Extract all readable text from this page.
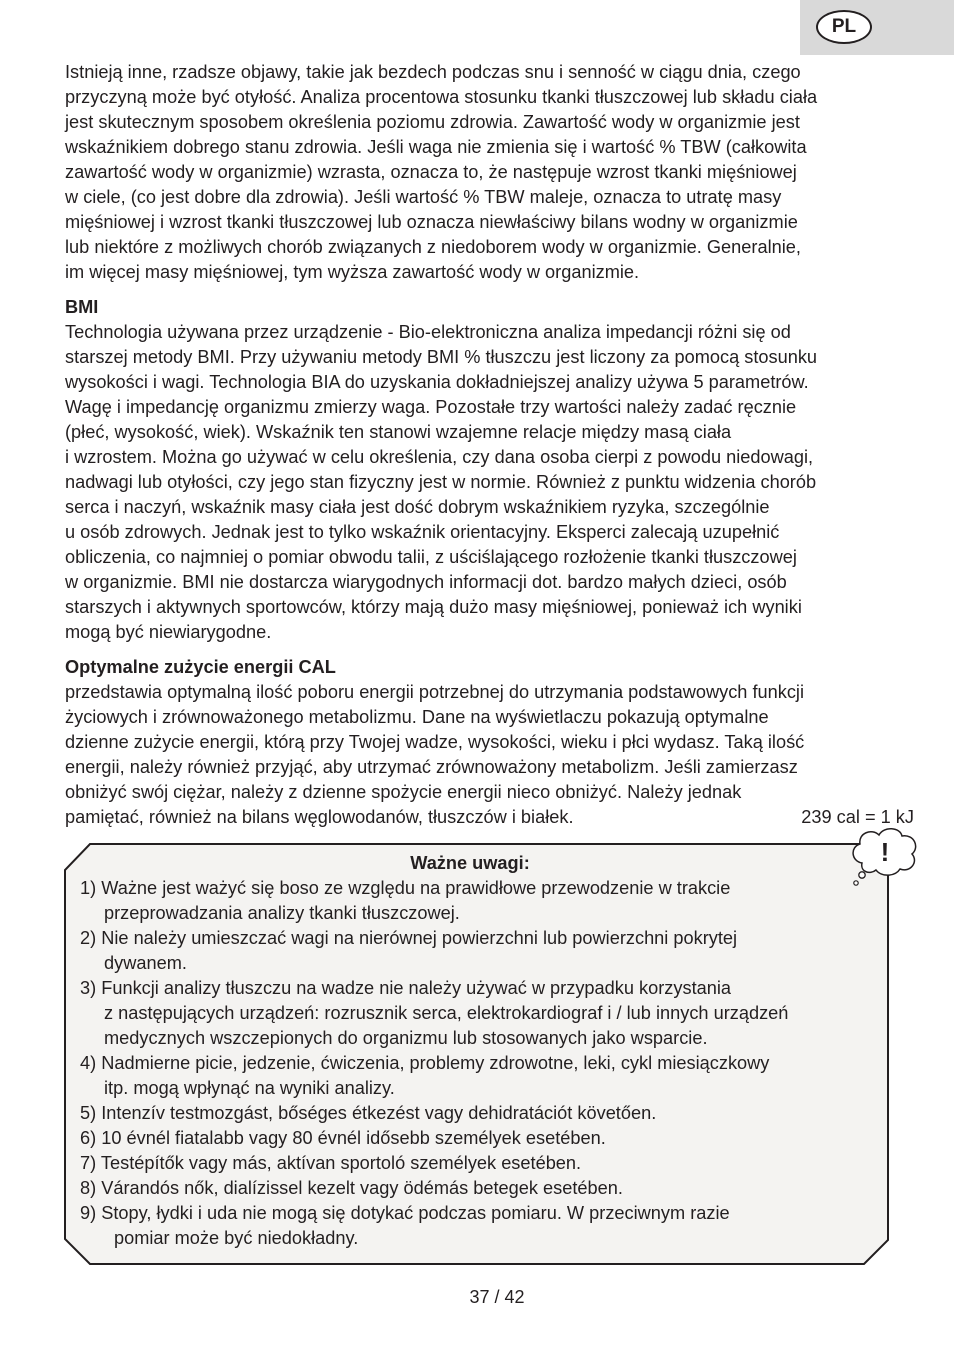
PL

Istnieją inne, rzadsze objawy, takie jak bezdech podczas snu i senność w ciągu dnia, czego
przyczyną może być otyłość. Analiza procentowa stosunku tkanki tłuszczowej lub składu ciała
jest skutecznym sposobem określenia poziomu zdrowia. Zawartość wody w organizmie jest
wskaźnikiem dobrego stanu zdrowia. Jeśli waga nie zmienia się i wartość % TBW (całkowita
zawartość wody w organizmie) wzrasta, oznacza to, że następuje wzrost tkanki mięśniowej
w ciele, (co jest dobre dla zdrowia). Jeśli wartość % TBW maleje, oznacza to utratę masy
mięśniowej i wzrost tkanki tłuszczowej lub oznacza niewłaściwy bilans wodny w organizmie
lub niektóre z możliwych chorób związanych z niedoborem wody w organizmie. Generalnie,
im więcej masy mięśniowej, tym wyższa zawartość wody w organizmie.

BMI

Technologia używana przez urządzenie - Bio-elektroniczna analiza impedancji różni się od
starszej metody BMI. Przy używaniu metody BMI % tłuszczu jest liczony za pomocą stosunku
wysokości i wagi. Technologia BIA do uzyskania dokładniejszej analizy używa 5 parametrów.
Wagę i impedancję organizmu zmierzy waga. Pozostałe trzy wartości należy zadać ręcznie
(płeć, wysokość, wiek). Wskaźnik ten stanowi wzajemne relacje między masą ciała
i wzrostem. Można go używać w celu określenia, czy dana osoba cierpi z powodu niedowagi,
nadwagi lub otyłości, czy jego stan fizyczny jest w normie. Również z punktu widzenia chorób
serca i naczyń, wskaźnik masy ciała jest dość dobrym wskaźnikiem ryzyka, szczególnie
u osób zdrowych. Jednak jest to tylko wskaźnik orientacyjny. Eksperci zalecają uzupełnić
obliczenia, co najmniej o pomiar obwodu talii, z uściślającego rozłożenie tkanki tłuszczowej
w organizmie. BMI nie dostarcza wiarygodnych informacji dot. bardzo małych dzieci, osób
starszych i aktywnych sportowców, którzy mają dużo masy mięśniowej, ponieważ ich wyniki
mogą być niewiarygodne.

Optymalne zużycie energii CAL

przedstawia optymalną ilość poboru energii potrzebnej do utrzymania podstawowych funkcji
życiowych i zrównoważonego metabolizmu. Dane na wyświetlaczu pokazują optymalne
dzienne zużycie energii, którą przy Twojej wadze, wysokości, wieku i płci wydasz. Taką ilość
energii, należy również przyjąć, aby utrzymać zrównoważony metabolizm. Jeśli zamierzasz
obniżyć swój ciężar, należy z dzienne spożycie energii nieco obniżyć. Należy jednak

pamiętać, również na bilans węglowodanów, tłuszczów i białek.	239 cal = 1 kJ
Ważne uwagi:
1) Ważne jest ważyć się boso ze względu na prawidłowe przewodzenie w trakcie
przeprowadzania analizy tkanki tłuszczowej.
2) Nie należy umieszczać wagi na nierównej powierzchni lub powierzchni pokrytej
dywanem.
3) Funkcji analizy tłuszczu na wadze nie należy używać w przypadku korzystania
z następujących urządzeń: rozrusznik serca, elektrokardiograf i / lub innych urządzeń
medycznych wszczepionych do organizmu lub stosowanych jako wsparcie.
4) Nadmierne picie, jedzenie, ćwiczenia, problemy zdrowotne, leki, cykl miesiączkowy
itp. mogą wpłynąć na wyniki analizy.
5) Intenzív testmozgást, bőséges étkezést vagy dehidratációt követően.
6) 10 évnél fiatalabb vagy 80 évnél idősebb személyek esetében.
7) Testépítők vagy más, aktívan sportoló személyek esetében.
8) Várandós nők, dialízissel kezelt vagy ödémás betegek esetében.
9) Stopy, łydki i uda nie mogą się dotykać podczas pomiaru. W przeciwnym razie
pomiar może być niedokładny.
!
37 / 42
